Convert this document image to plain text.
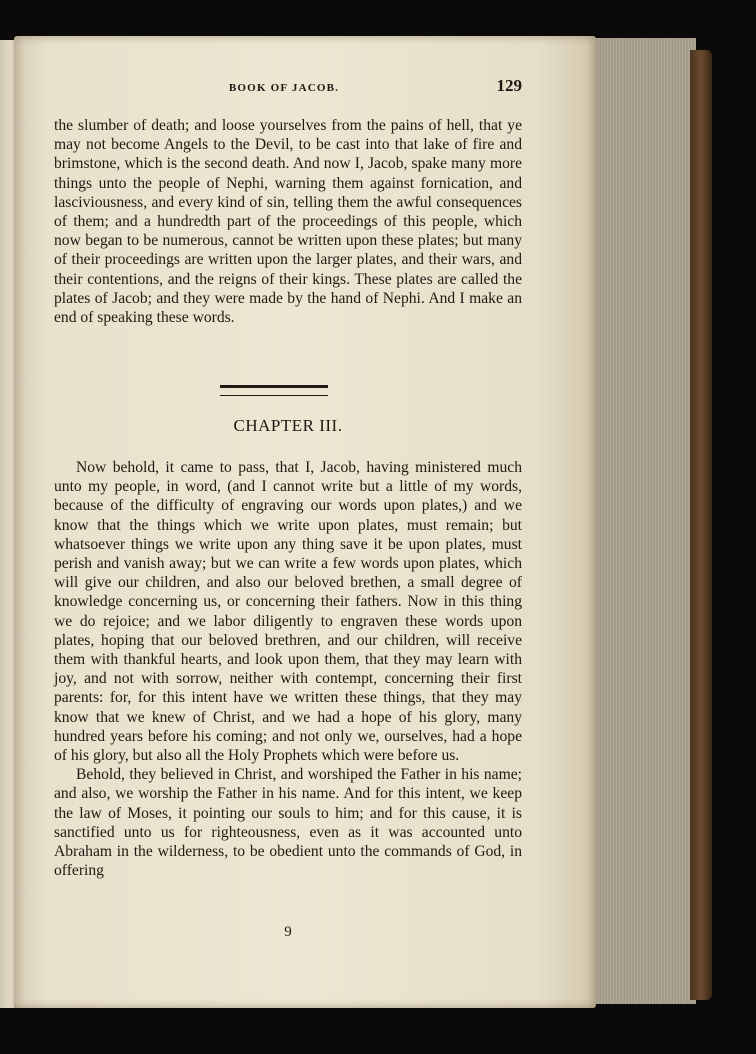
BOOK OF JACOB.	129

the slumber of death; and loose yourselves from the pains of hell, that ye may not become Angels to the Devil, to be cast into that lake of fire and brimstone, which is the second death. And now I, Jacob, spake many more things unto the people of Nephi, warning them against fornication, and lasciviousness, and every kind of sin, telling them the awful consequences of them; and a hundredth part of the proceedings of this people, which now began to be numerous, cannot be written upon these plates; but many of their proceedings are written upon the larger plates, and their wars, and their contentions, and the reigns of their kings. These plates are called the plates of Jacob; and they were made by the hand of Nephi. And I make an end of speaking these words.

CHAPTER III.

Now behold, it came to pass, that I, Jacob, having ministered much unto my people, in word, (and I cannot write but a little of my words, because of the difficulty of engraving our words upon plates,) and we know that the things which we write upon plates, must remain; but whatsoever things we write upon any thing save it be upon plates, must perish and vanish away; but we can write a few words upon plates, which will give our children, and also our beloved brethen, a small degree of knowledge concerning us, or concerning their fathers. Now in this thing we do rejoice; and we labor diligently to engraven these words upon plates, hoping that our beloved brethren, and our children, will receive them with thankful hearts, and look upon them, that they may learn with joy, and not with sorrow, neither with contempt, concerning their first parents: for, for this intent have we written these things, that they may know that we knew of Christ, and we had a hope of his glory, many hundred years before his coming; and not only we, ourselves, had a hope of his glory, but also all the Holy Prophets which were before us.

Behold, they believed in Christ, and worshiped the Father in his name; and also, we worship the Father in his name. And for this intent, we keep the law of Moses, it pointing our souls to him; and for this cause, it is sanctified unto us for righteousness, even as it was accounted unto Abraham in the wilderness, to be obedient unto the commands of God, in offering

9
